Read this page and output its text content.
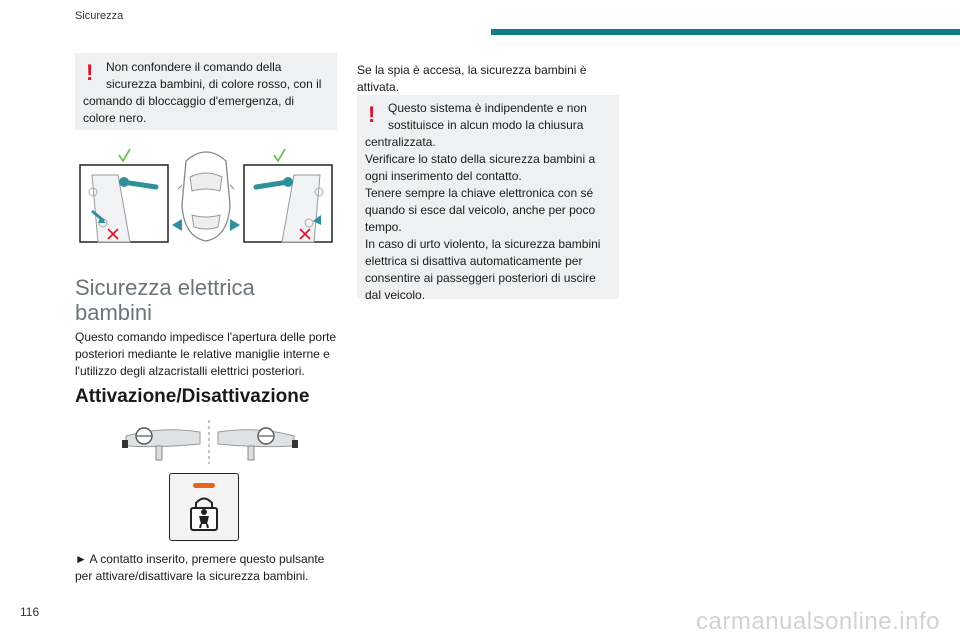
Sicurezza
! Non confondere il comando della

sicurezza bambini, di colore rosso, con il

comando di bloccaggio d'emergenza, di

colore nero.

Sicurezza elettrica
bambini
Questo comando impedisce l'apertura delle porte
posteriori mediante le relative maniglie interne e
l'utilizzo degli alzacristalli elettrici posteriori.
Attivazione/Disattivazione
► A contatto inserito, premere questo pulsante
per attivare/disattivare la sicurezza bambini.
Se la spia è accesa, la sicurezza bambini è
attivata.
! Questo sistema è indipendente e non

sostituisce in alcun modo la chiusura

centralizzata.

Verificare lo stato della sicurezza bambini a

ogni inserimento del contatto.

Tenere sempre la chiave elettronica con sé

quando si esce dal veicolo, anche per poco

tempo.

In caso di urto violento, la sicurezza bambini

elettrica si disattiva automaticamente per

consentire ai passeggeri posteriori di uscire

dal veicolo.

116	carmanualsonline.info
